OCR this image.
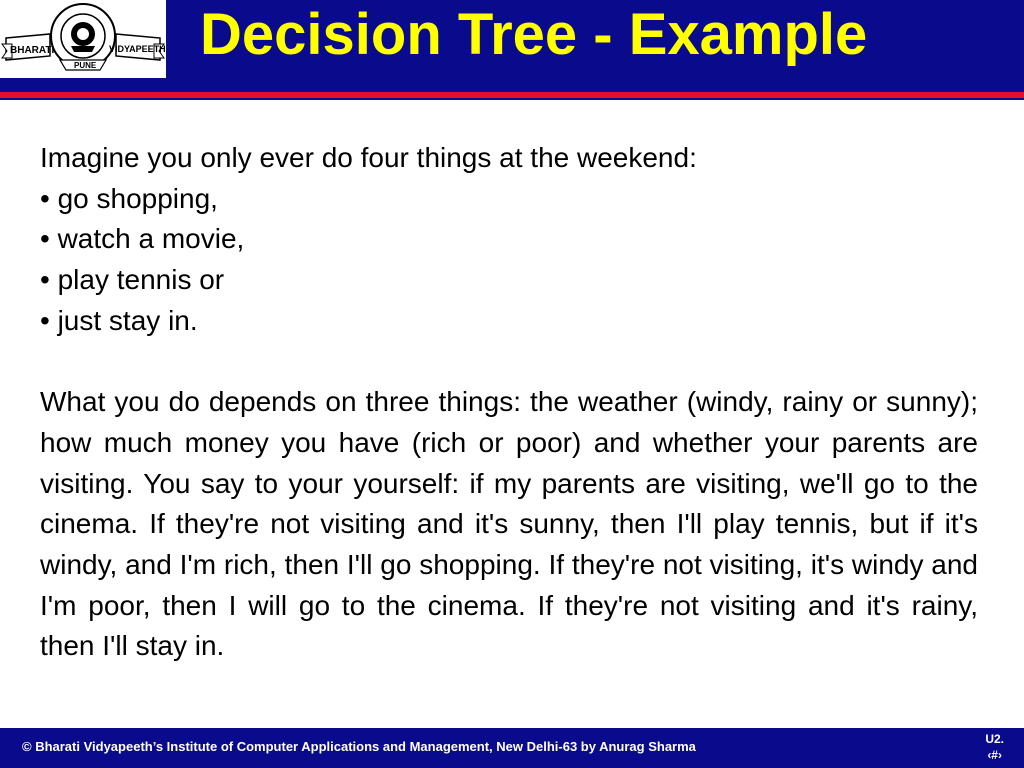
BHARATI	VIDYAPEETH
PUNE Decision Tree - Example
Imagine you only ever do four things at the weekend:
• go shopping,
• watch a movie,
• play tennis or
• just stay in.
What you do depends on three things: the weather (windy, rainy or sunny); how much money you have (rich or poor) and whether your parents are visiting. You say to your yourself: if my parents are visiting, we'll go to the cinema. If they're not visiting and it's sunny, then I'll play tennis, but if it's windy, and I'm rich, then I'll go shopping. If they're not visiting, it's windy and I'm poor, then I will go to the cinema. If they're not visiting and it's rainy, then I'll stay in.
© Bharati Vidyapeeth’s Institute of Computer Applications and Management, New Delhi-63 by Anurag Sharma	U2.
‹#›
